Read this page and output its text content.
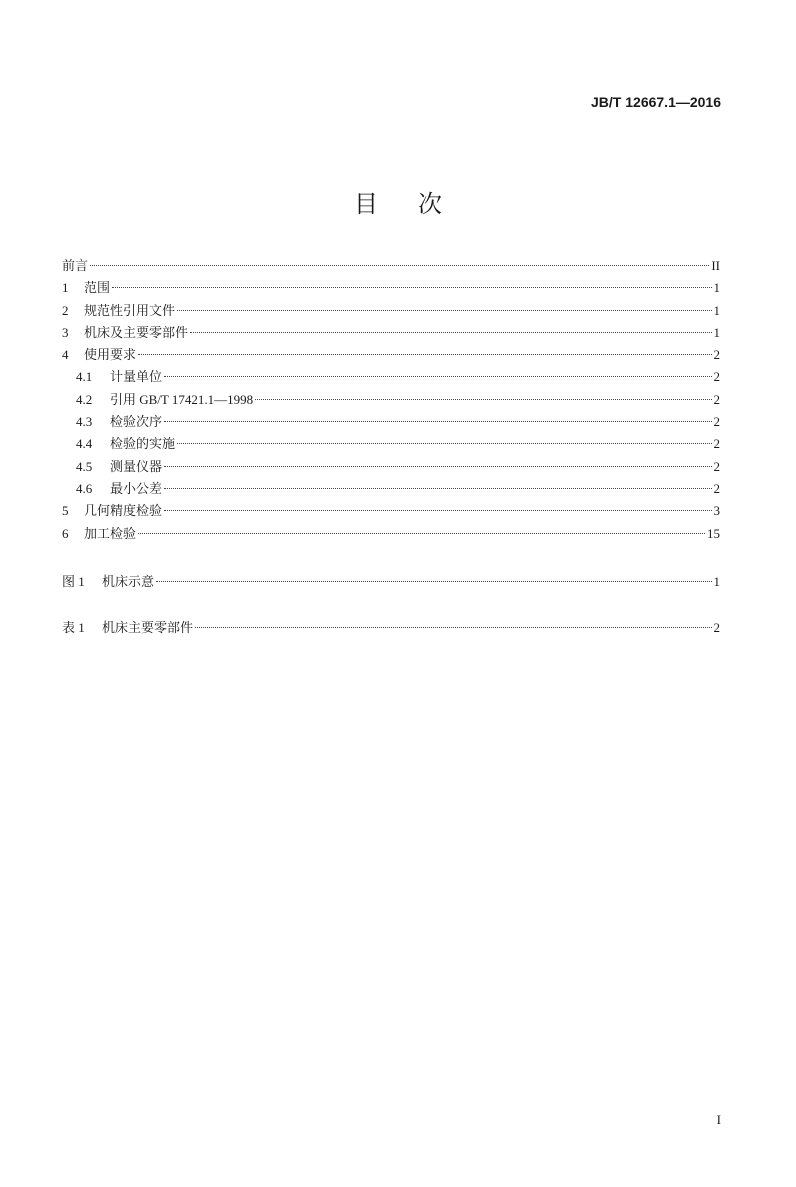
JB/T 12667.1—2016
目 次
前言	II
1	范围	1
2	规范性引用文件	1
3	机床及主要零部件	1
4	使用要求	2
4.1	计量单位	2
4.2	引用 GB/T 17421.1—1998	2
4.3	检验次序	2
4.4	检验的实施	2
4.5	测量仪器	2
4.6	最小公差	2
5	几何精度检验	3
6	加工检验	15
图 1	机床示意	1
表 1	机床主要零部件	2
I
